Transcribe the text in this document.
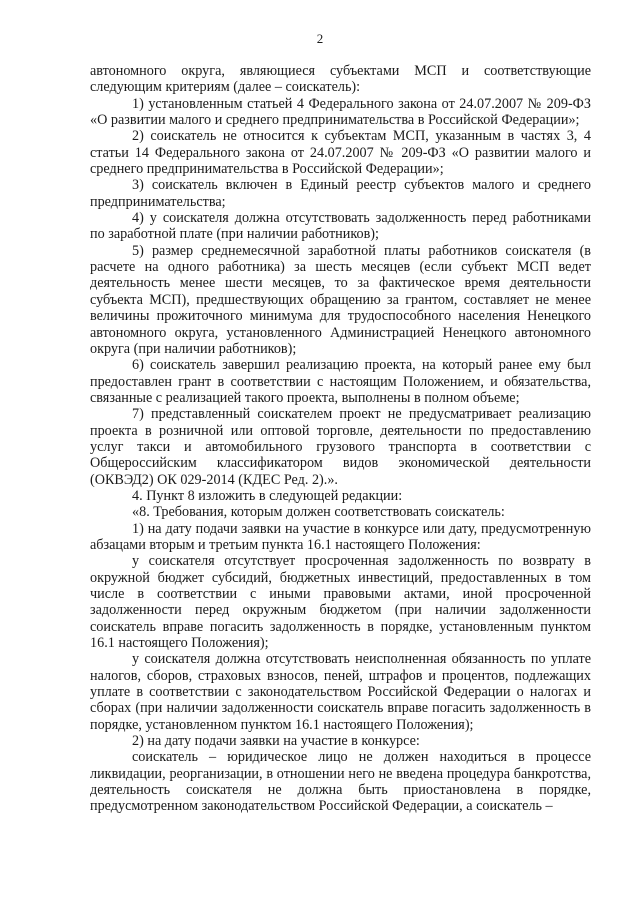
2

автономного округа, являющиеся субъектами МСП и соответствующие следующим критериям (далее – соискатель):

1) установленным статьей 4 Федерального закона от 24.07.2007 № 209-ФЗ «О развитии малого и среднего предпринимательства в Российской Федерации»;

2) соискатель не относится к субъектам МСП, указанным в частях 3, 4 статьи 14 Федерального закона от 24.07.2007 № 209-ФЗ «О развитии малого и среднего предпринимательства в Российской Федерации»;

3) соискатель включен в Единый реестр субъектов малого и среднего предпринимательства;

4) у соискателя должна отсутствовать задолженность перед работниками по заработной плате (при наличии работников);

5) размер среднемесячной заработной платы работников соискателя (в расчете на одного работника) за шесть месяцев (если субъект МСП ведет деятельность менее шести месяцев, то за фактическое время деятельности субъекта МСП), предшествующих обращению за грантом, составляет не менее величины прожиточного минимума для трудоспособного населения Ненецкого автономного округа, установленного Администрацией Ненецкого автономного округа (при наличии работников);

6) соискатель завершил реализацию проекта, на который ранее ему был предоставлен грант в соответствии с настоящим Положением, и обязательства, связанные с реализацией такого проекта, выполнены в полном объеме;

7) представленный соискателем проект не предусматривает реализацию проекта в розничной или оптовой торговле, деятельности по предоставлению услуг такси и автомобильного грузового транспорта в соответствии с Общероссийским классификатором видов экономической деятельности (ОКВЭД2) ОК 029-2014 (КДЕС Ред. 2).».

4. Пункт 8 изложить в следующей редакции:

«8. Требования, которым должен соответствовать соискатель:

1) на дату подачи заявки на участие в конкурсе или дату, предусмотренную абзацами вторым и третьим пункта 16.1 настоящего Положения:

у соискателя отсутствует просроченная задолженность по возврату в окружной бюджет субсидий, бюджетных инвестиций, предоставленных в том числе в соответствии с иными правовыми актами, иной просроченной задолженности перед окружным бюджетом (при наличии задолженности соискатель вправе погасить задолженность в порядке, установленным пунктом 16.1 настоящего Положения);

у соискателя должна отсутствовать неисполненная обязанность по уплате налогов, сборов, страховых взносов, пеней, штрафов и процентов, подлежащих уплате в соответствии с законодательством Российской Федерации о налогах и сборах (при наличии задолженности соискатель вправе погасить задолженность в порядке, установленном пунктом 16.1 настоящего Положения);

2) на дату подачи заявки на участие в конкурсе:

соискатель – юридическое лицо не должен находиться в процессе ликвидации, реорганизации, в отношении него не введена процедура банкротства, деятельность соискателя не должна быть приостановлена в порядке, предусмотренном законодательством Российской Федерации, а соискатель –
